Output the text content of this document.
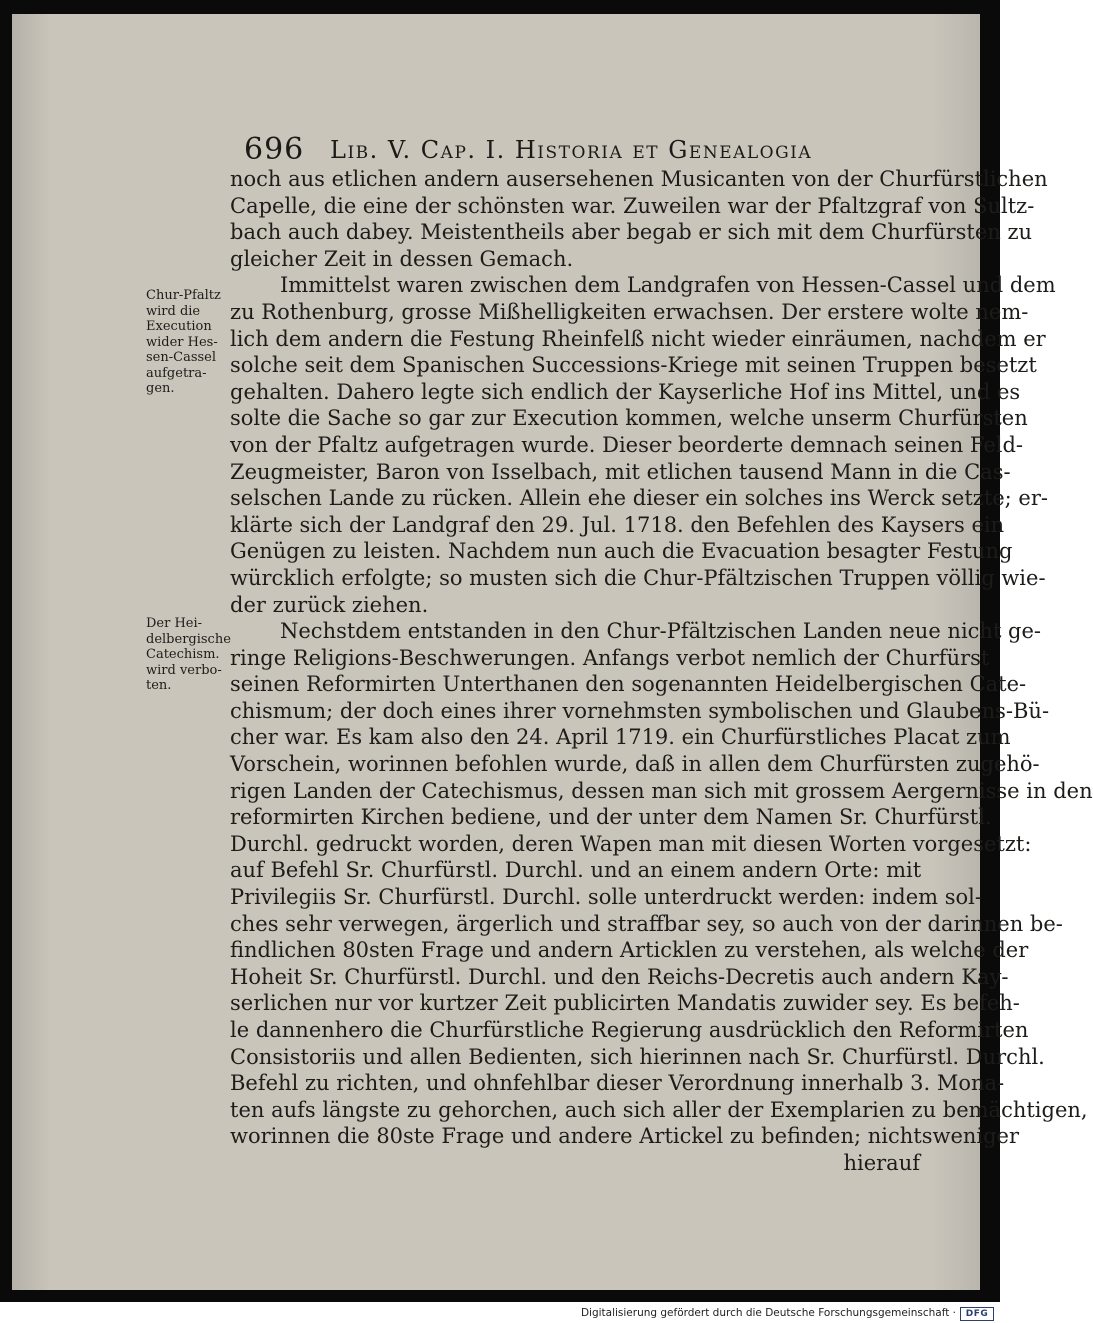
696 Lib. V. Cap. I. Historia et Genealogia
Chur-Pfaltz
wird die
Execution
wider Hes-
sen-Cassel
aufgetra-
gen.
Der Hei-
delbergische
Catechism.
wird verbo-
ten.
noch aus etlichen andern ausersehenen Musicanten von der Churfürstlichen
Capelle, die eine der schönsten war. Zuweilen war der Pfaltzgraf von Sultz-
bach auch dabey. Meistentheils aber begab er sich mit dem Churfürsten zu
gleicher Zeit in dessen Gemach.
Immittelst waren zwischen dem Landgrafen von Hessen-Cassel und dem
zu Rothenburg, grosse Mißhelligkeiten erwachsen. Der erstere wolte nem-
lich dem andern die Festung Rheinfelß nicht wieder einräumen, nachdem er
solche seit dem Spanischen Successions-Kriege mit seinen Truppen besetzt
gehalten. Dahero legte sich endlich der Kayserliche Hof ins Mittel, und es
solte die Sache so gar zur Execution kommen, welche unserm Churfürsten
von der Pfaltz aufgetragen wurde. Dieser beorderte demnach seinen Feld-
Zeugmeister, Baron von Isselbach, mit etlichen tausend Mann in die Cas-
selschen Lande zu rücken. Allein ehe dieser ein solches ins Werck setzte; er-
klärte sich der Landgraf den 29. Jul. 1718. den Befehlen des Kaysers ein
Genügen zu leisten. Nachdem nun auch die Evacuation besagter Festung
würcklich erfolgte; so musten sich die Chur-Pfältzischen Truppen völlig wie-
der zurück ziehen.
Nechstdem entstanden in den Chur-Pfältzischen Landen neue nicht ge-
ringe Religions-Beschwerungen. Anfangs verbot nemlich der Churfürst
seinen Reformirten Unterthanen den sogenannten Heidelbergischen Cate-
chismum; der doch eines ihrer vornehmsten symbolischen und Glaubens-Bü-
cher war. Es kam also den 24. April 1719. ein Churfürstliches Placat zum
Vorschein, worinnen befohlen wurde, daß in allen dem Churfürsten zugehö-
rigen Landen der Catechismus, dessen man sich mit grossem Aergernisse in den
reformirten Kirchen bediene, und der unter dem Namen Sr. Churfürstl.
Durchl. gedruckt worden, deren Wapen man mit diesen Worten vorgesetzt:
auf Befehl Sr. Churfürstl. Durchl. und an einem andern Orte: mit
Privilegiis Sr. Churfürstl. Durchl. solle unterdruckt werden: indem sol-
ches sehr verwegen, ärgerlich und straffbar sey, so auch von der darinnen be-
findlichen 80sten Frage und andern Articklen zu verstehen, als welche der
Hoheit Sr. Churfürstl. Durchl. und den Reichs-Decretis auch andern Kay-
serlichen nur vor kurtzer Zeit publicirten Mandatis zuwider sey. Es befeh-
le dannenhero die Churfürstliche Regierung ausdrücklich den Reformirten
Consistoriis und allen Bedienten, sich hierinnen nach Sr. Churfürstl. Durchl.
Befehl zu richten, und ohnfehlbar dieser Verordnung innerhalb 3. Mona-
ten aufs längste zu gehorchen, auch sich aller der Exemplarien zu bemächtigen,
worinnen die 80ste Frage und andere Artickel zu befinden; nichtsweniger
hierauf
Digitalisierung gefördert durch die Deutsche Forschungsgemeinschaft ·	DFG
